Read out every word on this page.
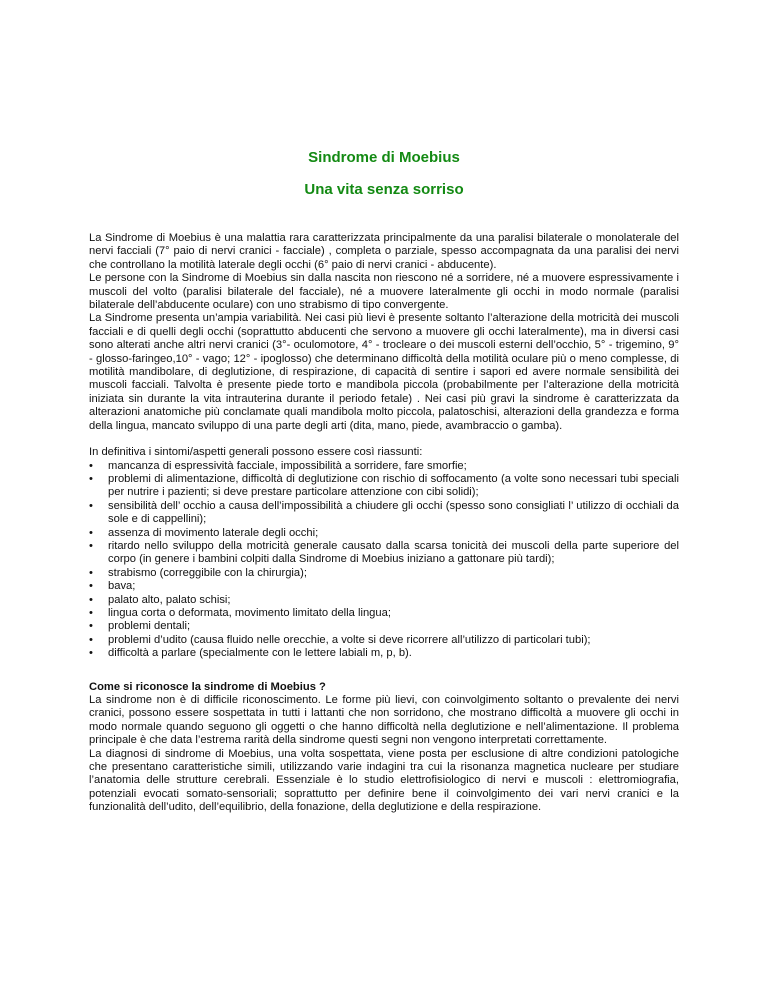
Sindrome di Moebius
Una vita senza sorriso

La Sindrome di Moebius è una malattia rara caratterizzata principalmente da una paralisi bilaterale o monolaterale del nervi facciali (7° paio di nervi cranici - facciale) , completa o parziale, spesso accompagnata da una paralisi dei nervi che controllano la motilità laterale degli occhi (6° paio di nervi cranici - abducente).

Le persone con la Sindrome di Moebius sin dalla nascita non riescono né a sorridere, né a muovere espressivamente i muscoli del volto (paralisi bilaterale del facciale), né a muovere lateralmente gli occhi in modo normale (paralisi bilaterale dell’abducente oculare) con uno strabismo di tipo convergente.

La Sindrome presenta un’ampia variabilità. Nei casi più lievi è presente soltanto l’alterazione della motricità dei muscoli facciali e di quelli degli occhi (soprattutto abducenti che servono a muovere gli occhi lateralmente), ma in diversi casi sono alterati anche altri nervi cranici (3°- oculomotore, 4° - trocleare o dei muscoli esterni dell’occhio, 5° - trigemino, 9° - glosso-faringeo,10° - vago; 12° - ipoglosso) che determinano difficoltà della motilità oculare più o meno complesse, di motilità mandibolare, di deglutizione, di respirazione, di capacità di sentire i sapori ed avere normale sensibilità dei muscoli facciali. Talvolta è presente piede torto e mandibola piccola (probabilmente per l’alterazione della motricità iniziata sin durante la vita intrauterina durante il periodo fetale) . Nei casi più gravi la sindrome è caratterizzata da alterazioni anatomiche più conclamate quali mandibola molto piccola, palatoschisi, alterazioni della grandezza e forma della lingua, mancato sviluppo di una parte degli arti (dita, mano, piede, avambraccio o gamba).

In definitiva i sintomi/aspetti generali possono essere così riassunti:

• mancanza di espressività facciale, impossibilità a sorridere, fare smorfie;
• problemi di alimentazione, difficoltà di deglutizione con rischio di soffocamento (a volte sono necessari tubi speciali per nutrire i pazienti; si deve prestare particolare attenzione con cibi solidi);
• sensibilità dell’ occhio a causa dell’impossibilità a chiudere gli occhi (spesso sono consigliati l’ utilizzo di occhiali da sole e di cappellini);
• assenza di movimento laterale degli occhi;
• ritardo nello sviluppo della motricità generale causato dalla scarsa tonicità dei muscoli della parte superiore del corpo (in genere i bambini colpiti dalla Sindrome di Moebius iniziano a gattonare più tardi);
• strabismo (correggibile con la chirurgia);
• bava;
• palato alto, palato schisi;
• lingua corta o deformata, movimento limitato della lingua;
• problemi dentali;
• problemi d’udito (causa fluido nelle orecchie, a volte si deve ricorrere all’utilizzo di particolari tubi);
• difficoltà a parlare (specialmente con le lettere labiali m, p, b).

Come si riconosce la sindrome di Moebius ?

La sindrome non è di difficile riconoscimento. Le forme più lievi, con coinvolgimento soltanto o prevalente dei nervi cranici, possono essere sospettata in tutti i lattanti che non sorridono, che mostrano difficoltà a muovere gli occhi in modo normale quando seguono gli oggetti o che hanno difficoltà nella deglutizione e nell’alimentazione. Il problema principale è che data l’estrema rarità della sindrome questi segni non vengono interpretati correttamente.

La diagnosi di sindrome di Moebius, una volta sospettata, viene posta per esclusione di altre condizioni patologiche che presentano caratteristiche simili, utilizzando varie indagini tra cui la risonanza magnetica nucleare per studiare l’anatomia delle strutture cerebrali. Essenziale è lo studio elettrofisiologico di nervi e muscoli : elettromiografia, potenziali evocati somato-sensoriali; soprattutto per definire bene il coinvolgimento dei vari nervi cranici e la funzionalità dell’udito, dell’equilibrio, della fonazione, della deglutizione e della respirazione.
